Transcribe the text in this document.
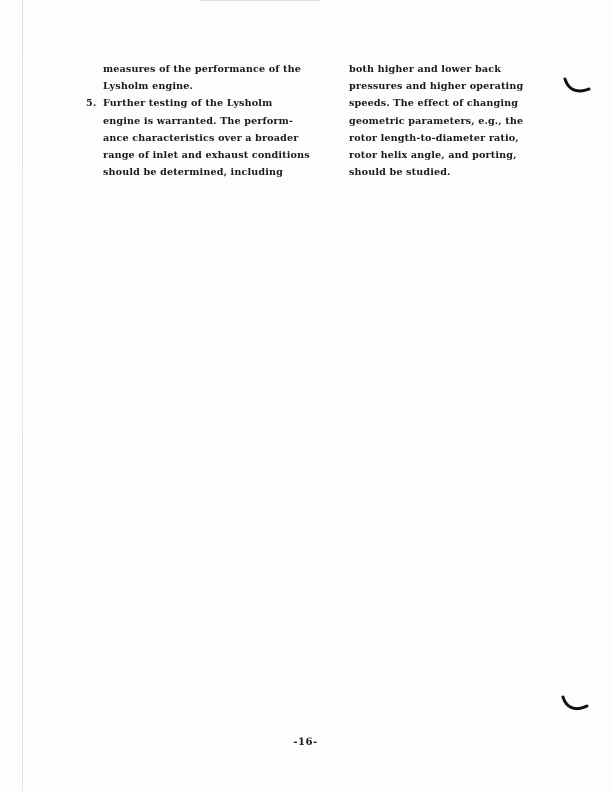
measures of the performance of the
Lysholm engine.
5. Further testing of the Lysholm
engine is warranted. The perform-
ance characteristics over a broader
range of inlet and exhaust conditions
should be determined, including
both higher and lower back
pressures and higher operating
speeds. The effect of changing
geometric parameters, e.g., the
rotor length-to-diameter ratio,
rotor helix angle, and porting,
should be studied.
-16-
